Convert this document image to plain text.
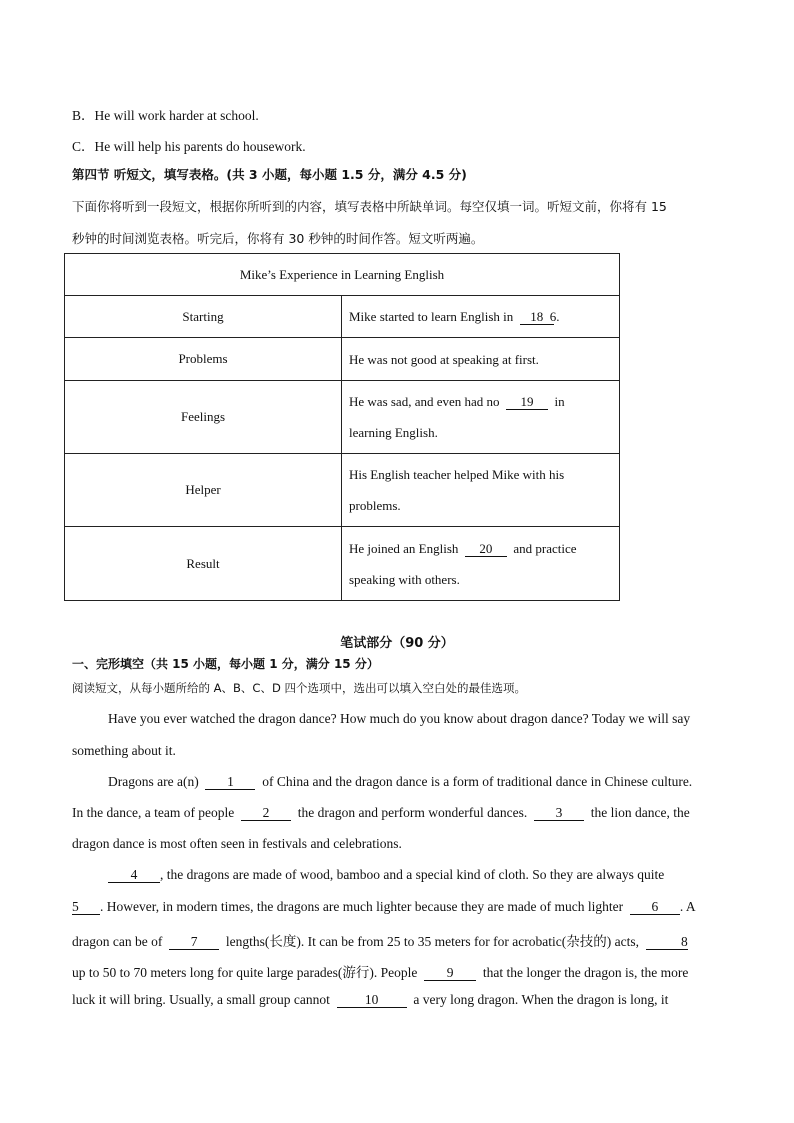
B．He will work harder at school.
C．He will help his parents do housework.
第四节 听短文，填写表格。(共 3 小题，每小题 1.5 分，满分 4.5 分)
下面你将听到一段短文，根据你所听到的内容，填写表格中所缺单词。每空仅填一词。听短文前，你将有 15
秒钟的时间浏览表格。听完后，你将有 30 秒钟的时间作答。短文听两遍。
Mike’s Experience in Learning English	
Starting	Mike started to learn English in 18 6.
Problems	He was not good at speaking at first.
Feelings	He was sad, and even had no 19 in
learning English.

Helper	His English teacher helped Mike with his
problems.

Result	He joined an English 20 and practice
speaking with others.
笔试部分（90 分）
一、完形填空（共 15 小题，每小题 1 分，满分 15 分）
阅读短文，从每小题所给的 A、B、C、D 四个选项中，选出可以填入空白处的最佳选项。
Have you ever watched the dragon dance? How much do you know about dragon dance? Today we will say
something about it.
Dragons are a(n) 1 of China and the dragon dance is a form of traditional dance in Chinese culture.
In the dance, a team of people 2 the dragon and perform wonderful dances. 3 the lion dance, the
dragon dance is most often seen in festivals and celebrations.
4 , the dragons are made of wood, bamboo and a special kind of cloth. So they are always quite
5 . However, in modern times, the dragons are much lighter because they are made of much lighter 6 . A
dragon can be of 7 lengths(长度). It can be from 25 to 35 meters for for acrobatic(杂技的) acts,	8
up to 50 to 70 meters long for quite large parades(游行). People 9 that the longer the dragon is, the more
luck it will bring. Usually, a small group cannot	10	a very long dragon. When the dragon is long, it
